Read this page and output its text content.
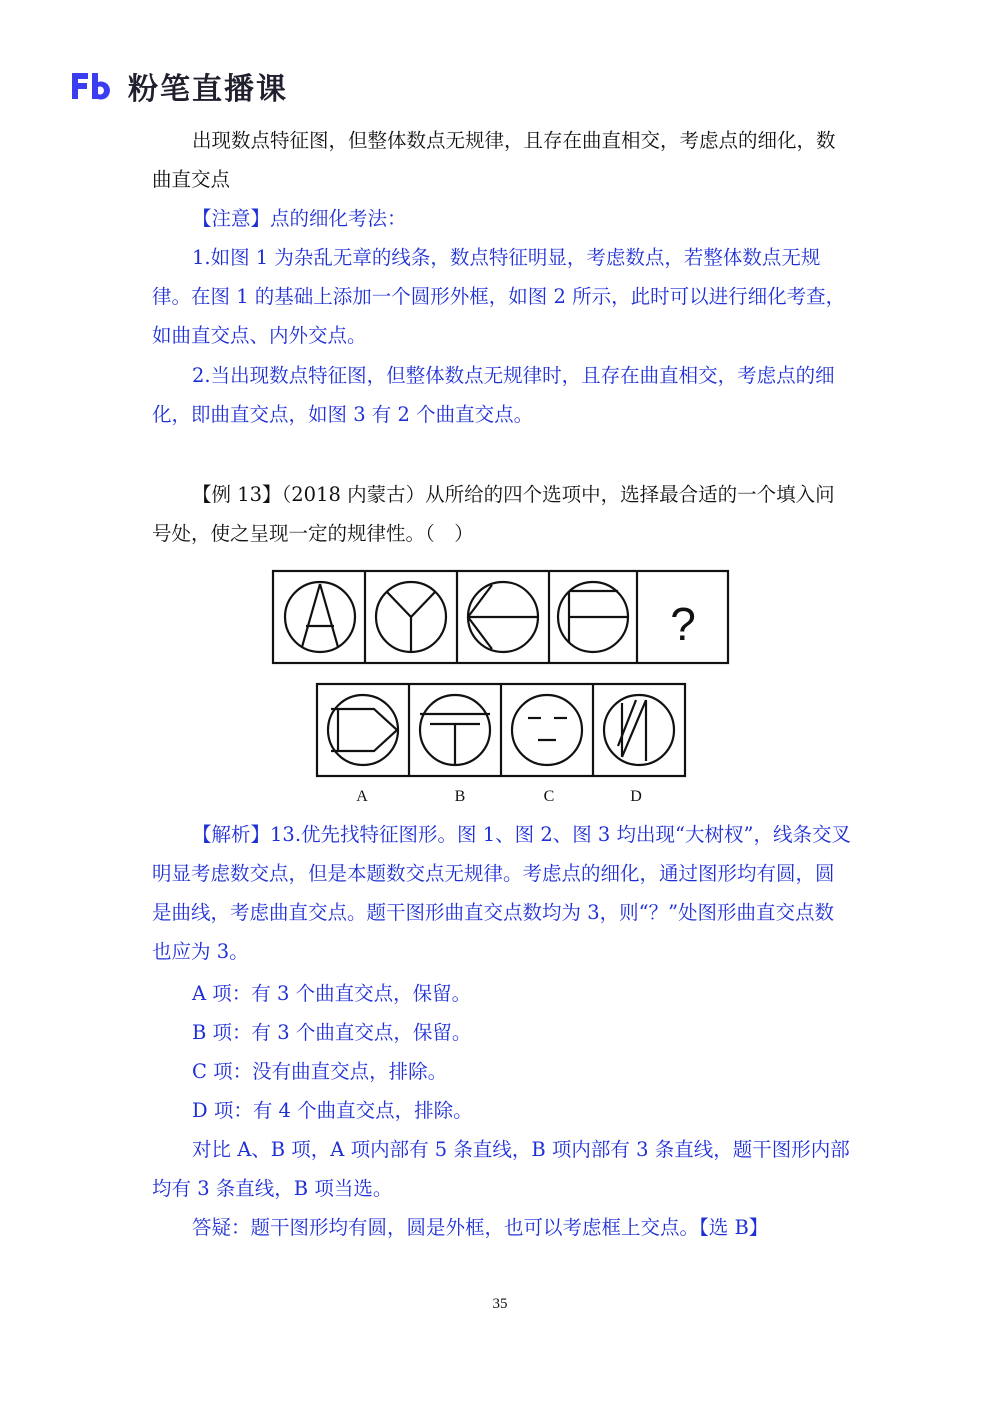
粉笔直播课

出现数点特征图，但整体数点无规律，且存在曲直相交，考虑点的细化，数曲直交点

【注意】点的细化考法：

1.如图 1 为杂乱无章的线条，数点特征明显，考虑数点，若整体数点无规律。在图 1 的基础上添加一个圆形外框，如图 2 所示，此时可以进行细化考查，如曲直交点、内外交点。

2.当出现数点特征图，但整体数点无规律时，且存在曲直相交，考虑点的细化，即曲直交点，如图 3 有 2 个曲直交点。

【例 13】（2018 内蒙古）从所给的四个选项中，选择最合适的一个填入问号处，使之呈现一定的规律性。（　）

?
A	B	C	D

【解析】13.优先找特征图形。图 1、图 2、图 3 均出现“大树杈”，线条交叉明显考虑数交点，但是本题数交点无规律。考虑点的细化，通过图形均有圆，圆是曲线，考虑曲直交点。题干图形曲直交点数均为 3，则“？”处图形曲直交点数也应为 3。

A 项：有 3 个曲直交点，保留。

B 项：有 3 个曲直交点，保留。

C 项：没有曲直交点，排除。

D 项：有 4 个曲直交点，排除。

对比 A、B 项，A 项内部有 5 条直线，B 项内部有 3 条直线，题干图形内部均有 3 条直线，B 项当选。

答疑：题干图形均有圆，圆是外框，也可以考虑框上交点。【选 B】

35
